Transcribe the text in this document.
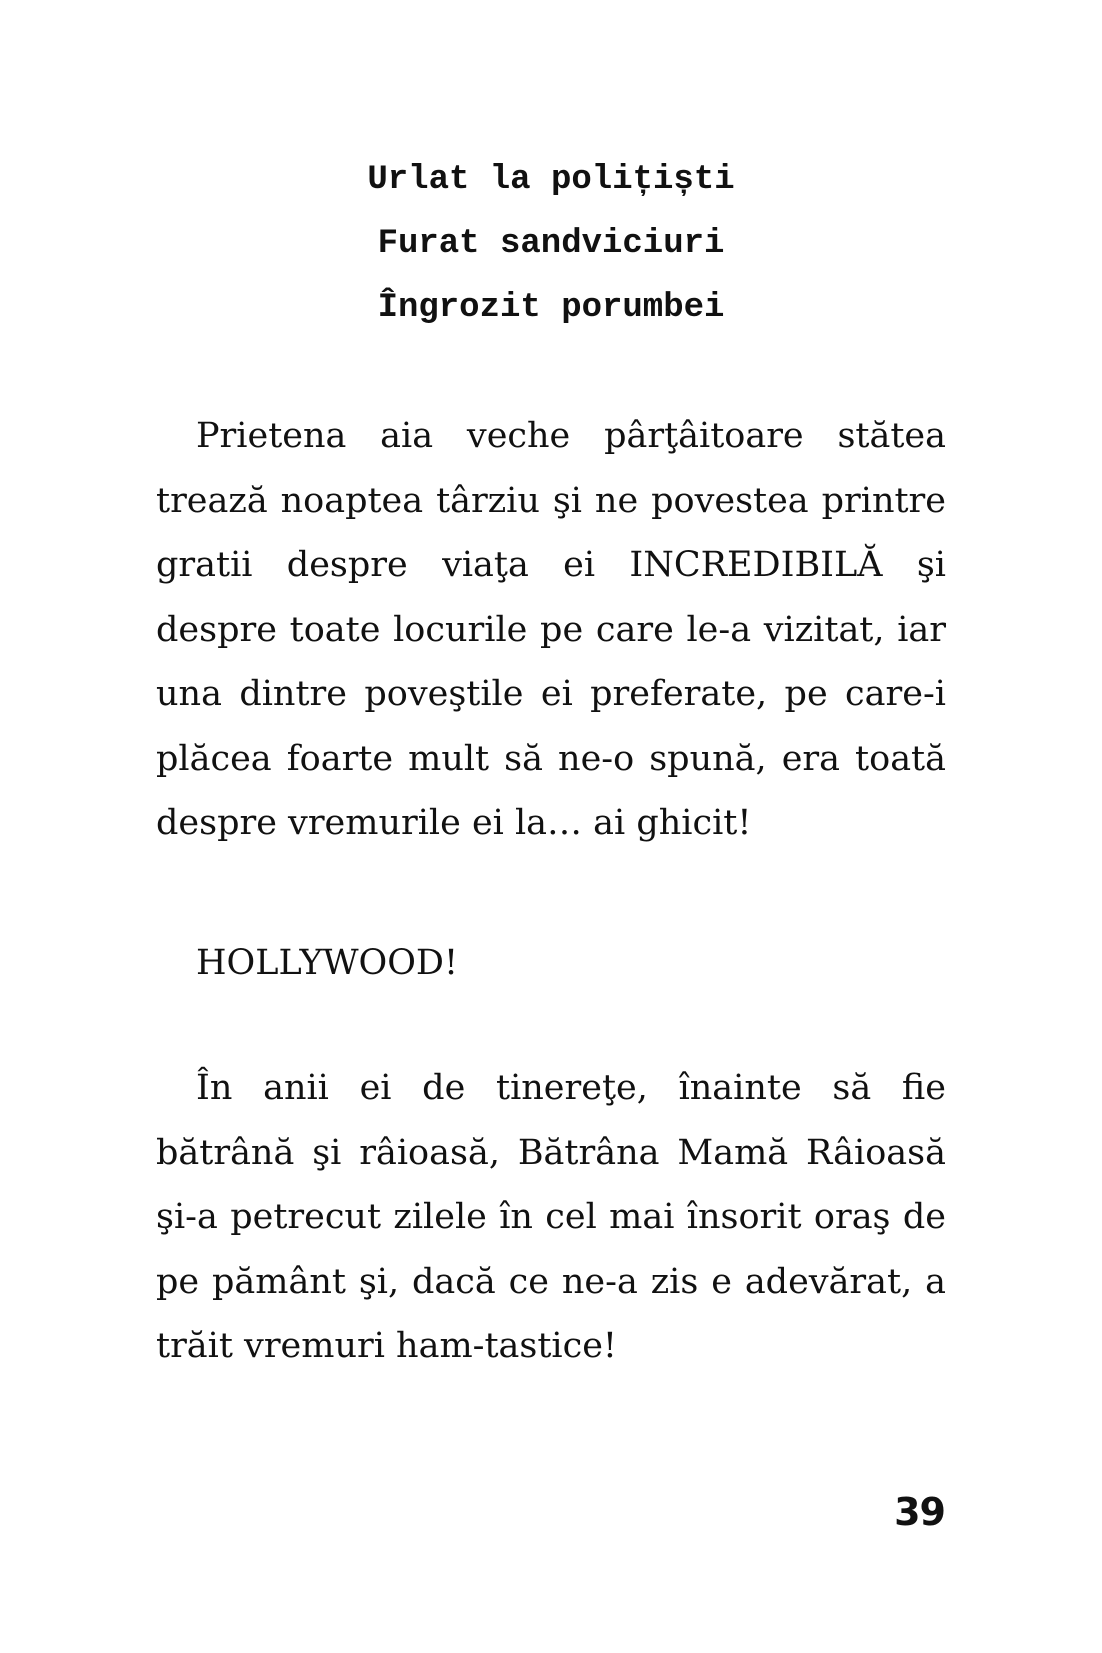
Urlat la polițiști
Furat sandviciuri
Îngrozit porumbei

Prietena aia veche pârţâitoare stătea trează noaptea târziu şi ne povestea printre gratii despre viaţa ei INCREDIBILĂ şi despre toate locurile pe care le-a vizitat, iar una dintre poveştile ei preferate, pe care-i plăcea foarte mult să ne-o spună, era toată despre vremurile ei la… ai ghicit!

HOLLYWOOD!

În anii ei de tinereţe, înainte să fie bătrână şi râioasă, Bătrâna Mamă Râioasă şi-a petrecut zilele în cel mai însorit oraş de pe pământ şi, dacă ce ne-a zis e adevărat, a trăit vremuri ham-tastice!

39
